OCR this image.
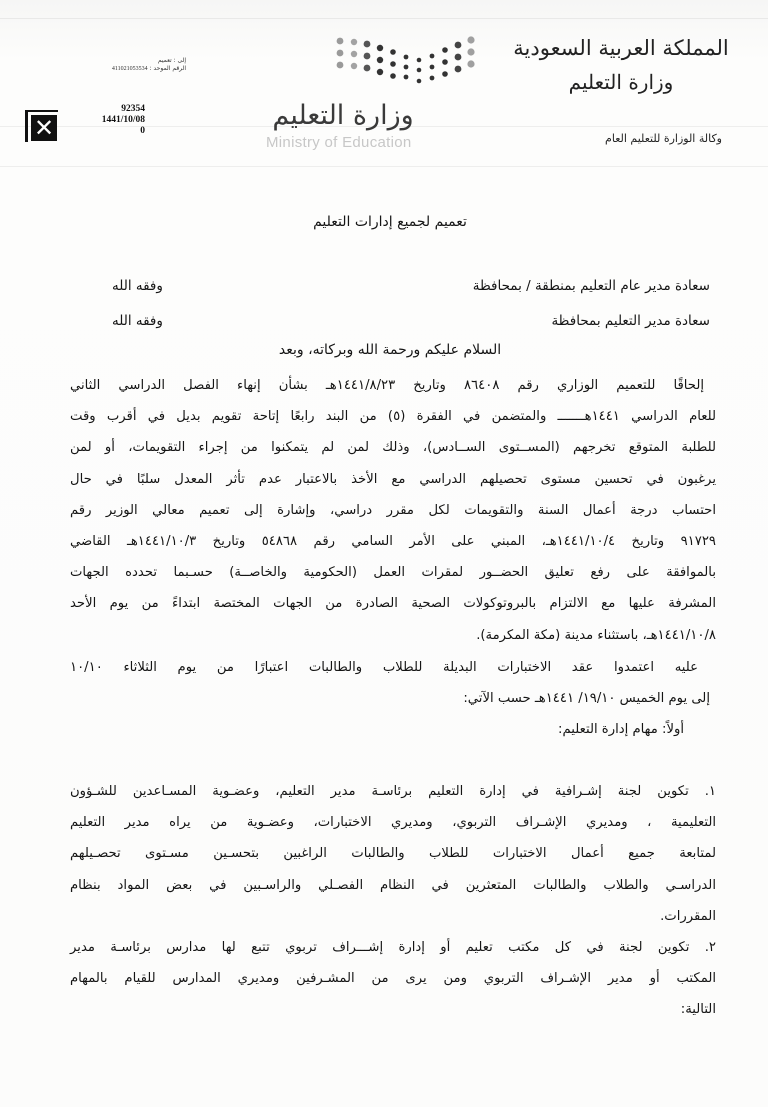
إلى : تعميم
الرقم الموحد : 411021053534
✕
92354
1441/10/08
0	وزارة التعليم
Ministry of Education
المملكة العربية السعودية
وزارة التعليم
وكالة الوزارة للتعليم العام
تعميم لجميع إدارات التعليم
سعادة مدير عام التعليم بمنطقة / بمحافظة
وفقه الله
سعادة مدير التعليم بمحافظة
وفقه الله
السلام عليكم ورحمة الله وبركاته، وبعد
إلحاقًا للتعميم الوزاري رقم ٨٦٤٠٨ وتاريخ ١٤٤١/٨/٢٣هـ بشأن إنهاء الفصل الدراسي الثاني
للعام الدراسي ١٤٤١هـــــــ والمتضمن في الفقرة (٥) من البند رابعًا إتاحة تقويم بديل في أقرب وقت
للطلبة المتوقع تخرجهم (المســتوى الســادس)، وذلك لمن لم يتمكنوا من إجراء التقويمات، أو لمن
يرغبون في تحسين مستوى تحصيلهم الدراسي مع الأخذ بالاعتبار عدم تأثر المعدل سلبًا في حال
احتساب درجة أعمال السنة والتقويمات لكل مقرر دراسي، وإشارة إلى تعميم معالي الوزير رقم
٩١٧٢٩ وتاريخ ١٤٤١/١٠/٤هـ، المبني على الأمر السامي رقم ٥٤٨٦٨ وتاريخ ١٤٤١/١٠/٣هـ القاضي
بالموافقة على رفع تعليق الحضــور لمقرات العمل (الحكومية والخاصــة) حسـبما تحدده الجهات
المشرفة عليها مع الالتزام بالبروتوكولات الصحية الصادرة من الجهات المختصة ابتداءً من يوم الأحد
١٤٤١/١٠/٨هـ، باستثناء مدينة (مكة المكرمة).
عليه اعتمدوا عقد الاختبارات البديلة للطلاب والطالبات اعتبارًا من يوم الثلاثاء ١٠/١٠
إلى يوم الخميس ١٩/١٠/ ١٤٤١هـ حسب الآتي:
أولاً: مهام إدارة التعليم:
١. تكوين لجنة إشـرافية في إدارة التعليم برئاسـة مدير التعليم، وعضـوية المسـاعدين للشـؤون
التعليمية ، ومديري الإشـراف التربوي، ومديري الاختبارات، وعضـوية من يراه مدير التعليم
لمتابعة جميع أعمال الاختبارات للطلاب والطالبات الراغبين بتحسـين مسـتوى تحصـيلهم
الدراسـي والطلاب والطالبات المتعثرين في النظام الفصـلي والراسـبين في بعض المواد بنظام
المقررات.
٢. تكوين لجنة في كل مكتب تعليم أو إدارة إشـــراف تربوي تتبع لها مدارس برئاسـة مدير
المكتب أو مدير الإشـراف التربوي ومن يرى من المشـرفين ومديري المدارس للقيام بالمهام
التالية:
